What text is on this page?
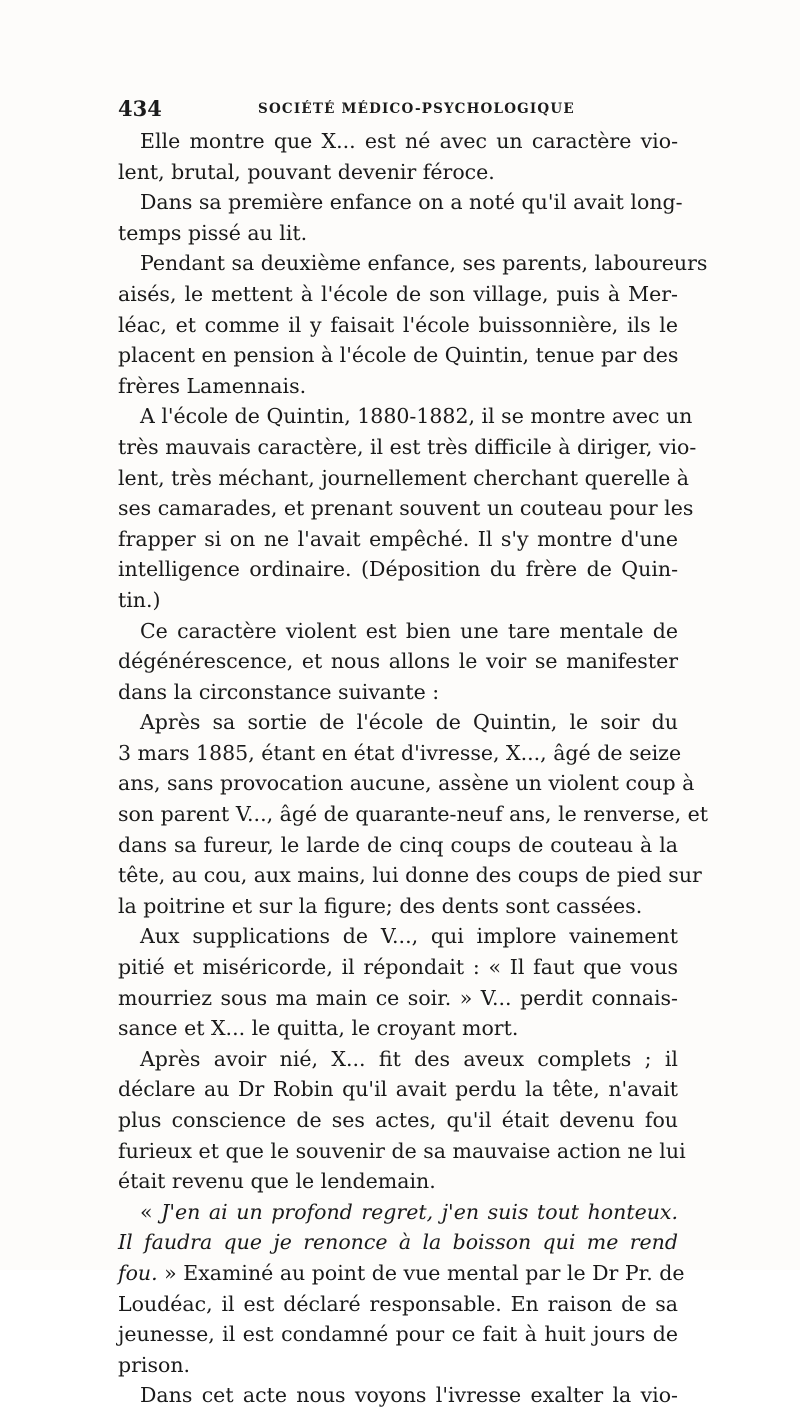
434	SOCIÉTÉ MÉDICO-PSYCHOLOGIQUE
Elle montre que X... est né avec un caractère vio-
lent, brutal, pouvant devenir féroce.
Dans sa première enfance on a noté qu'il avait long-
temps pissé au lit.
Pendant sa deuxième enfance, ses parents, laboureurs
aisés, le mettent à l'école de son village, puis à Mer-
léac, et comme il y faisait l'école buissonnière, ils le
placent en pension à l'école de Quintin, tenue par des
frères Lamennais.
A l'école de Quintin, 1880-1882, il se montre avec un
très mauvais caractère, il est très difficile à diriger, vio-
lent, très méchant, journellement cherchant querelle à
ses camarades, et prenant souvent un couteau pour les
frapper si on ne l'avait empêché. Il s'y montre d'une
intelligence ordinaire. (Déposition du frère de Quin-
tin.)
Ce caractère violent est bien une tare mentale de
dégénérescence, et nous allons le voir se manifester
dans la circonstance suivante :
Après sa sortie de l'école de Quintin, le soir du
3 mars 1885, étant en état d'ivresse, X..., âgé de seize
ans, sans provocation aucune, assène un violent coup à
son parent V..., âgé de quarante-neuf ans, le renverse, et
dans sa fureur, le larde de cinq coups de couteau à la
tête, au cou, aux mains, lui donne des coups de pied sur
la poitrine et sur la figure; des dents sont cassées.
Aux supplications de V..., qui implore vainement
pitié et miséricorde, il répondait : « Il faut que vous
mourriez sous ma main ce soir. » V... perdit connais-
sance et X... le quitta, le croyant mort.
Après avoir nié, X... fit des aveux complets ; il
déclare au Dr Robin qu'il avait perdu la tête, n'avait
plus conscience de ses actes, qu'il était devenu fou
furieux et que le souvenir de sa mauvaise action ne lui
était revenu que le lendemain.
« J'en ai un profond regret, j'en suis tout honteux.
Il faudra que je renonce à la boisson qui me rend
fou. » Examiné au point de vue mental par le Dr Pr. de
Loudéac, il est déclaré responsable. En raison de sa
jeunesse, il est condamné pour ce fait à huit jours de
prison.
Dans cet acte nous voyons l'ivresse exalter la vio-
